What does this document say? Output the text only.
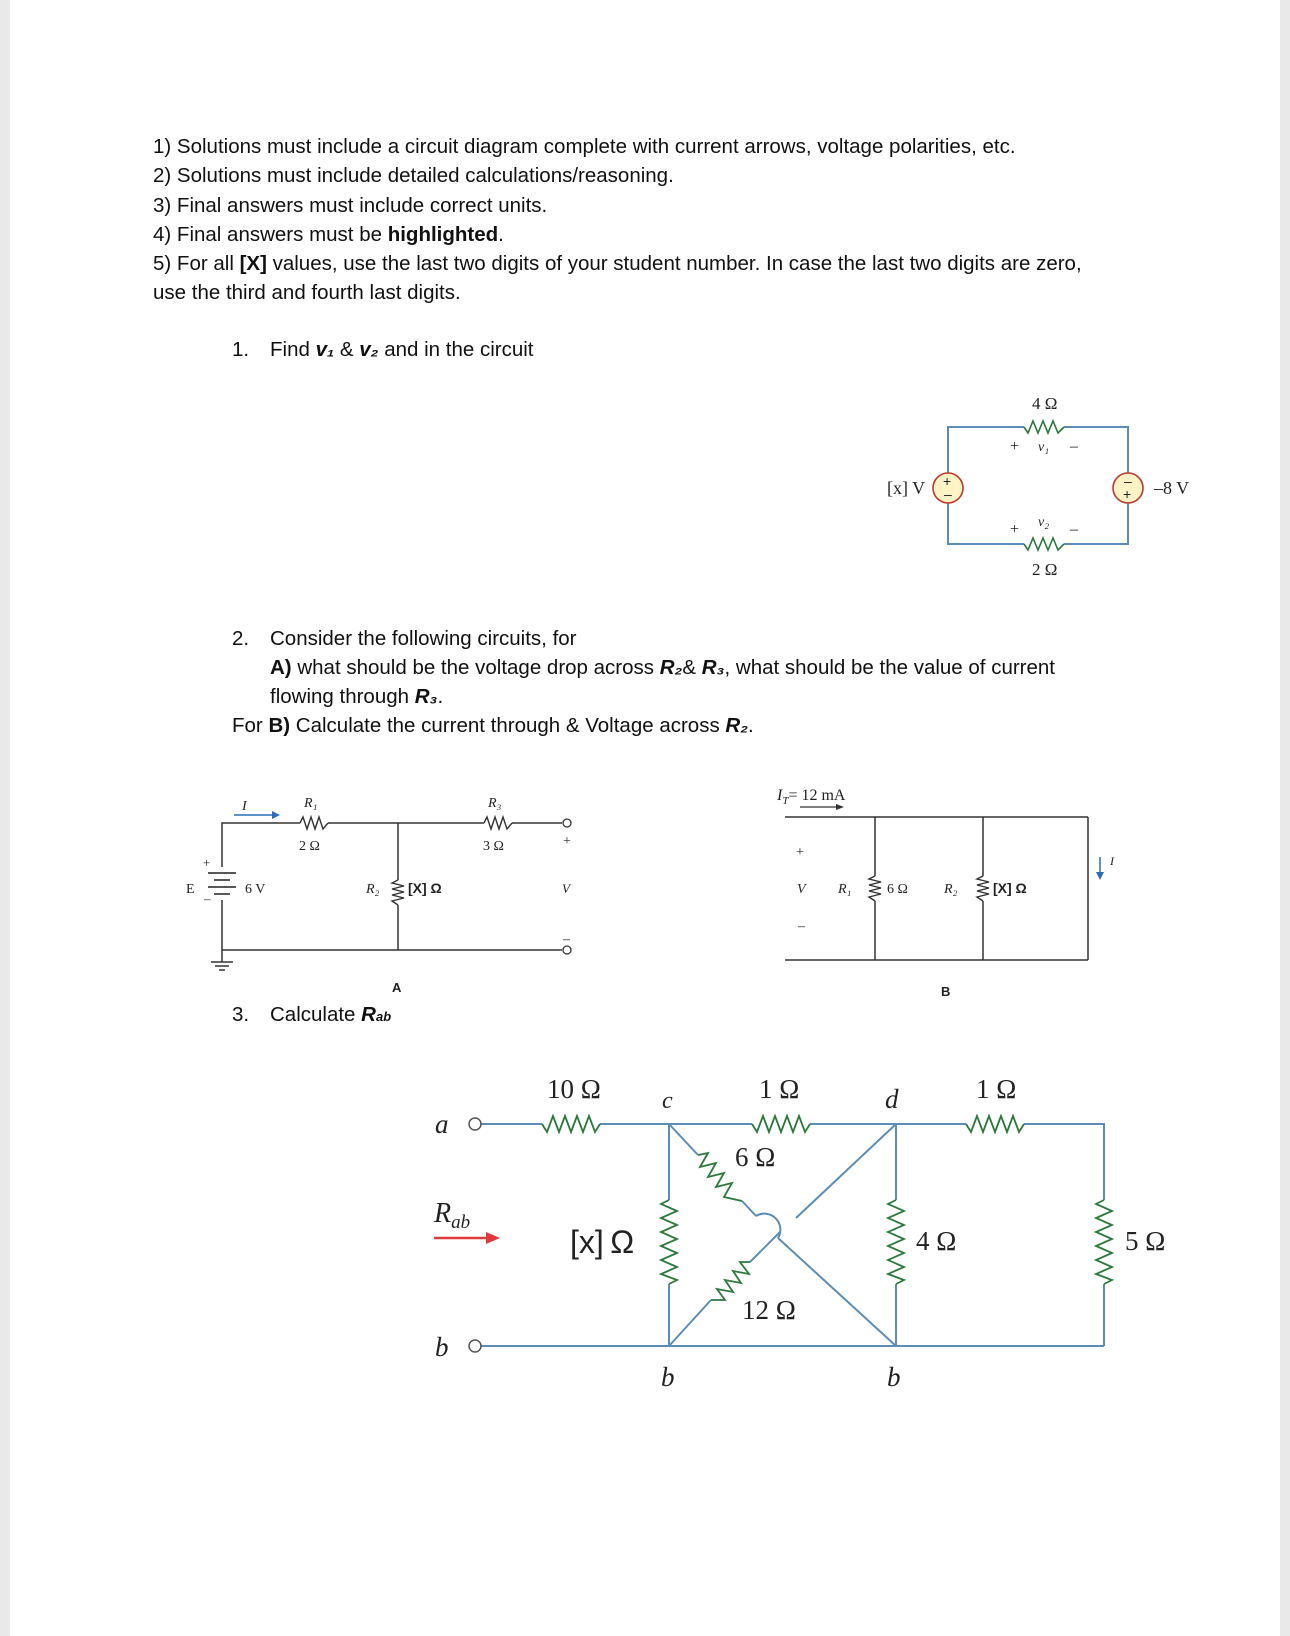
1) Solutions must include a circuit diagram complete with current arrows, voltage polarities, etc.
2) Solutions must include detailed calculations/reasoning.
3) Final answers must include correct units.
4) Final answers must be highlighted.
5) For all [X] values, use the last two digits of your student number. In case the last two digits are zero,
use the third and fourth last digits.
1. Find v₁ & v₂ and in the circuit
2. Consider the following circuits, for
A) what should be the voltage drop across R₂& R₃, what should be the value of current
flowing through R₃.
For B) Calculate the current through & Voltage across R₂.
3. Calculate Rab
+
–
–
+
4 Ω
+ v₁ –
[x] V	–8 V
+ v₂ –
2 Ω
I	R₁
2 Ω
R₃
3 Ω	+
–
+
–
E	6 V	R₂ [X] Ω	V
A
$I_T= 12$ mA
+
–
V R₁	6 Ω	R₂	[X] Ω
I
B
10 Ω	c	1 Ω	d	1 Ω
a
6 Ω
$R_{ab}$
[x] Ω	4 Ω	5 Ω
12 Ω
b
b	b
